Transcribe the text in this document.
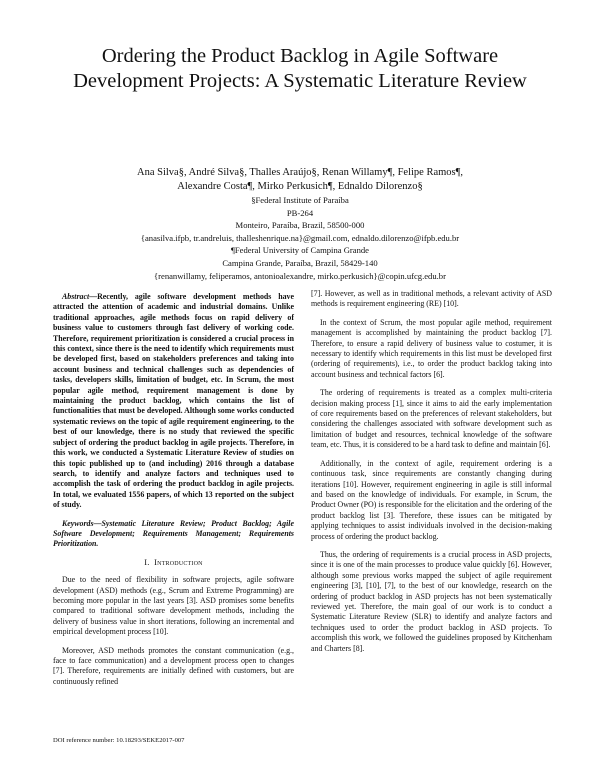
Ordering the Product Backlog in Agile Software Development Projects: A Systematic Literature Review
Ana Silva§, André Silva§, Thalles Araújo§, Renan Willamy¶, Felipe Ramos¶,
Alexandre Costa¶, Mirko Perkusich¶, Ednaldo Dilorenzo§
§Federal Institute of Paraíba
PB-264
Monteiro, Paraíba, Brazil, 58500-000
{anasilva.ifpb, tr.andreluis, thalleshenrique.na}@gmail.com, ednaldo.dilorenzo@ifpb.edu.br
¶Federal University of Campina Grande
Campina Grande, Paraíba, Brazil, 58429-140
{renanwillamy, feliperamos, antonioalexandre, mirko.perkusich}@copin.ufcg.edu.br

Abstract—Recently, agile software development methods have attracted the attention of academic and industrial domains. Unlike traditional approaches, agile methods focus on rapid delivery of business value to customers through fast delivery of working code. Therefore, requirement prioritization is considered a crucial process in this context, since there is the need to identify which requirements must be developed first, based on stakeholders preferences and taking into account business and technical challenges such as dependencies of tasks, developers skills, limitation of budget, etc. In Scrum, the most popular agile method, requirement management is done by maintaining the product backlog, which contains the list of functionalities that must be developed. Although some works conducted systematic reviews on the topic of agile requirement engineering, to the best of our knowledge, there is no study that reviewed the specific subject of ordering the product backlog in agile projects. Therefore, in this work, we conducted a Systematic Literature Review of studies on this topic published up to (and including) 2016 through a database search, to identify and analyze factors and techniques used to accomplish the task of ordering the product backlog in agile projects. In total, we evaluated 1556 papers, of which 13 reported on the subject of study.

Keywords—Systematic Literature Review; Product Backlog; Agile Software Development; Requirements Management; Requirements Prioritization.

I. Introduction

Due to the need of flexibility in software projects, agile software development (ASD) methods (e.g., Scrum and Extreme Programming) are becoming more popular in the last years [3]. ASD promises some benefits compared to traditional software development methods, including the delivery of business value in short iterations, following an incremental and empirical development process [10].

Moreover, ASD methods promotes the constant communication (e.g., face to face communication) and a development process open to changes [7]. Therefore, requirements are initially defined with customers, but are continuously refined

[7]. However, as well as in traditional methods, a relevant activity of ASD methods is requirement engineering (RE) [10].

In the context of Scrum, the most popular agile method, requirement management is accomplished by maintaining the product backlog [7]. Therefore, to ensure a rapid delivery of business value to costumer, it is necessary to identify which requirements in this list must be developed first (ordering of requirements), i.e., to order the product backlog taking into account business and technical factors [6].

The ordering of requirements is treated as a complex multi-criteria decision making process [1], since it aims to aid the early implementation of core requirements based on the preferences of relevant stakeholders, but considering the challenges associated with software development such as limitation of budget and resources, technical knowledge of the software team, etc. Thus, it is considered to be a hard task to define and maintain [6].

Additionally, in the context of agile, requirement ordering is a continuous task, since requirements are constantly changing during iterations [10]. However, requirement engineering in agile is still informal and based on the knowledge of individuals. For example, in Scrum, the Product Owner (PO) is responsible for the elicitation and the ordering of the product backlog list [3]. Therefore, these issues can be mitigated by applying techniques to assist individuals involved in the decision-making process of ordering the product backlog.

Thus, the ordering of requirements is a crucial process in ASD projects, since it is one of the main processes to produce value quickly [6]. However, although some previous works mapped the subject of agile requirement engineering [3], [10], [7], to the best of our knowledge, research on the ordering of product backlog in ASD projects has not been systematically reviewed yet. Therefore, the main goal of our work is to conduct a Systematic Literature Review (SLR) to identify and analyze factors and techniques used to order the product backlog in ASD projects. To accomplish this work, we followed the guidelines proposed by Kitchenham and Charters [8].

DOI reference number: 10.18293/SEKE2017-007
